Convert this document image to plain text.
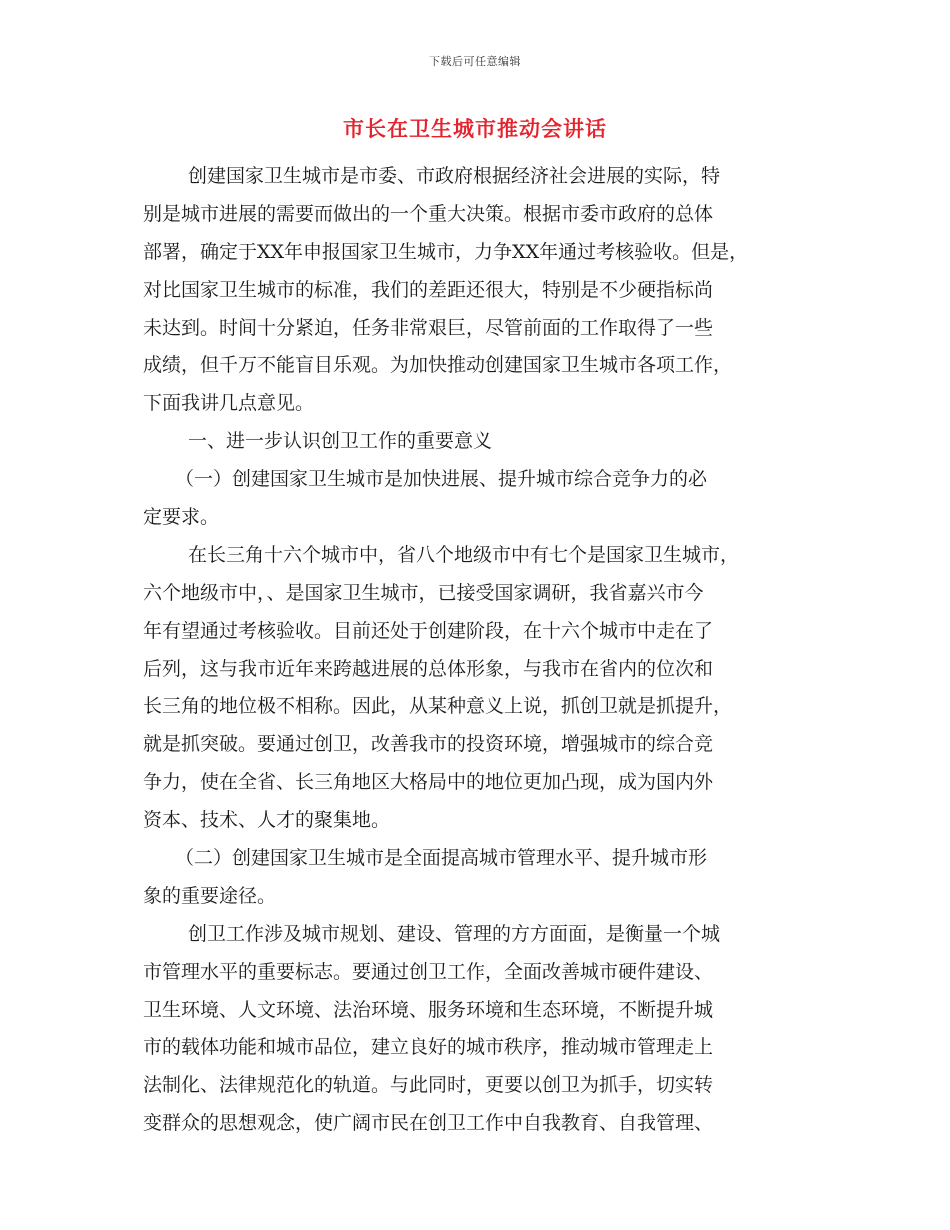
下载后可任意编辑
市长在卫生城市推动会讲话
创建国家卫生城市是市委、市政府根据经济社会进展的实际，特
别是城市进展的需要而做出的一个重大决策。根据市委市政府的总体
部署，确定于XX年申报国家卫生城市，力争XX年通过考核验收。但是，
对比国家卫生城市的标准，我们的差距还很大，特别是不少硬指标尚
未达到。时间十分紧迫，任务非常艰巨，尽管前面的工作取得了一些
成绩，但千万不能盲目乐观。为加快推动创建国家卫生城市各项工作，
下面我讲几点意见。
一、进一步认识创卫工作的重要意义
（一）创建国家卫生城市是加快进展、提升城市综合竞争力的必
定要求。
在长三角十六个城市中，省八个地级市中有七个是国家卫生城市，
六个地级市中，、是国家卫生城市，已接受国家调研，我省嘉兴市今
年有望通过考核验收。目前还处于创建阶段，在十六个城市中走在了
后列，这与我市近年来跨越进展的总体形象，与我市在省内的位次和
长三角的地位极不相称。因此，从某种意义上说，抓创卫就是抓提升，
就是抓突破。要通过创卫，改善我市的投资环境，增强城市的综合竞
争力，使在全省、长三角地区大格局中的地位更加凸现，成为国内外
资本、技术、人才的聚集地。
（二）创建国家卫生城市是全面提高城市管理水平、提升城市形
象的重要途径。
创卫工作涉及城市规划、建设、管理的方方面面，是衡量一个城
市管理水平的重要标志。要通过创卫工作，全面改善城市硬件建设、
卫生环境、人文环境、法治环境、服务环境和生态环境，不断提升城
市的载体功能和城市品位，建立良好的城市秩序，推动城市管理走上
法制化、法律规范化的轨道。与此同时，更要以创卫为抓手，切实转
变群众的思想观念，使广阔市民在创卫工作中自我教育、自我管理、
